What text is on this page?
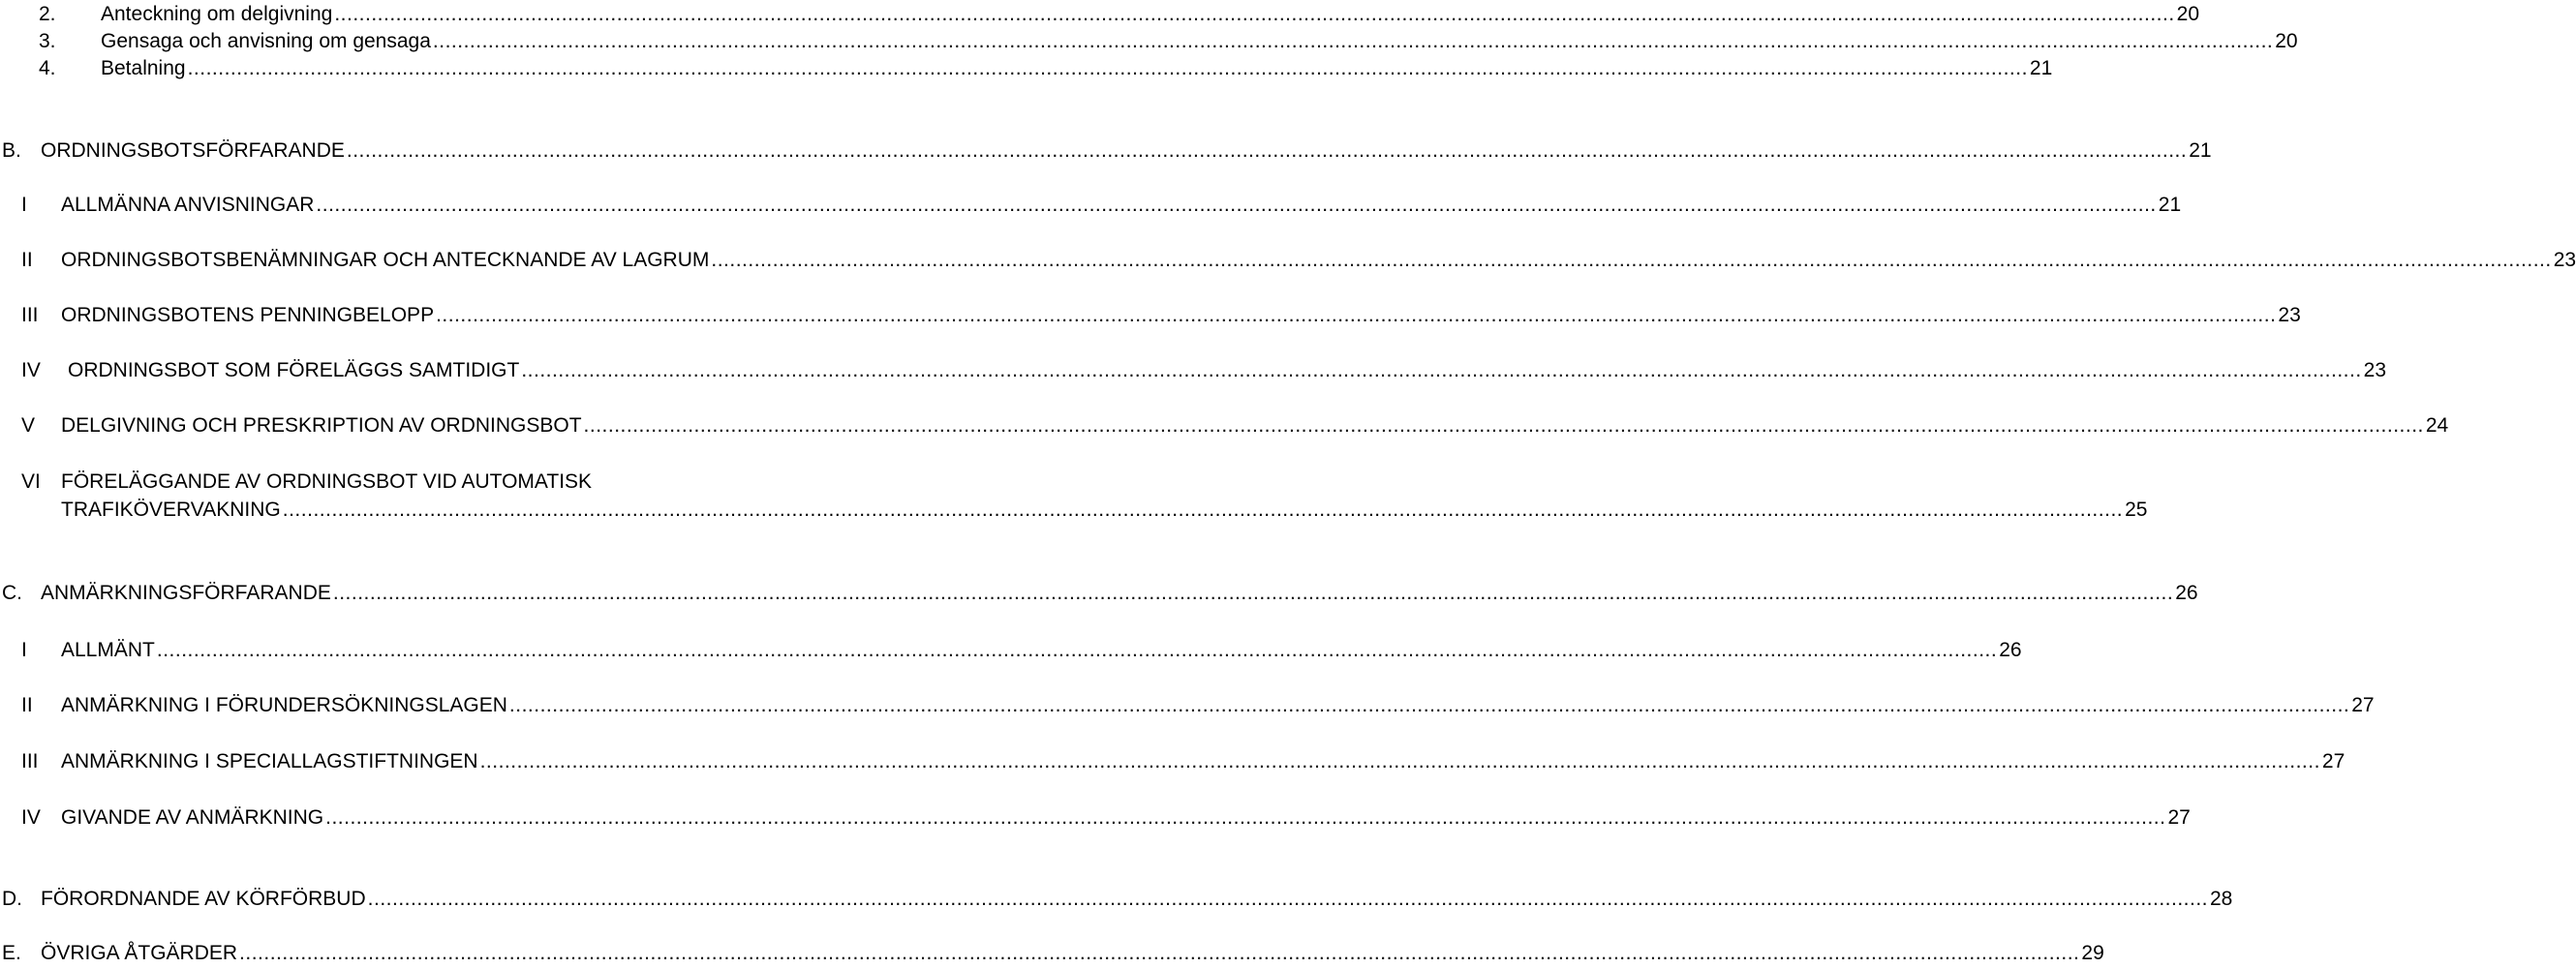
2. Anteckning om delgivning ............................................................................................................................................................................................................................................................................................................ 20
3. Gensaga och anvisning om gensaga ............................................................................................................................................................................................................................................................................................................ 20
4. Betalning ............................................................................................................................................................................................................................................................................................................ 21
B. ORDNINGSBOTSFÖRFARANDE ............................................................................................................................................................................................................................................................................................................ 21
I ALLMÄNNA ANVISNINGAR ............................................................................................................................................................................................................................................................................................................ 21
II ORDNINGSBOTSBENÄMNINGAR OCH ANTECKNANDE AV LAGRUM ............................................................................................................................................................................................................................................................................................................ 23
III ORDNINGSBOTENS PENNINGBELOPP ............................................................................................................................................................................................................................................................................................................ 23
IV ORDNINGSBOT SOM FÖRELÄGGS SAMTIDIGT ............................................................................................................................................................................................................................................................................................................ 23
V DELGIVNING OCH PRESKRIPTION AV ORDNINGSBOT ............................................................................................................................................................................................................................................................................................................ 24
VI FÖRELÄGGANDE AV ORDNINGSBOT VID AUTOMATISK
TRAFIKÖVERVAKNING ............................................................................................................................................................................................................................................................................................................ 25
C. ANMÄRKNINGSFÖRFARANDE ............................................................................................................................................................................................................................................................................................................ 26
I ALLMÄNT ............................................................................................................................................................................................................................................................................................................ 26
II ANMÄRKNING I FÖRUNDERSÖKNINGSLAGEN ............................................................................................................................................................................................................................................................................................................ 27
III ANMÄRKNING I SPECIALLAGSTIFTNINGEN ............................................................................................................................................................................................................................................................................................................ 27
IV GIVANDE AV ANMÄRKNING ............................................................................................................................................................................................................................................................................................................ 27
D. FÖRORDNANDE AV KÖRFÖRBUD ............................................................................................................................................................................................................................................................................................................ 28
E. ÖVRIGA ÅTGÄRDER ............................................................................................................................................................................................................................................................................................................ 29
